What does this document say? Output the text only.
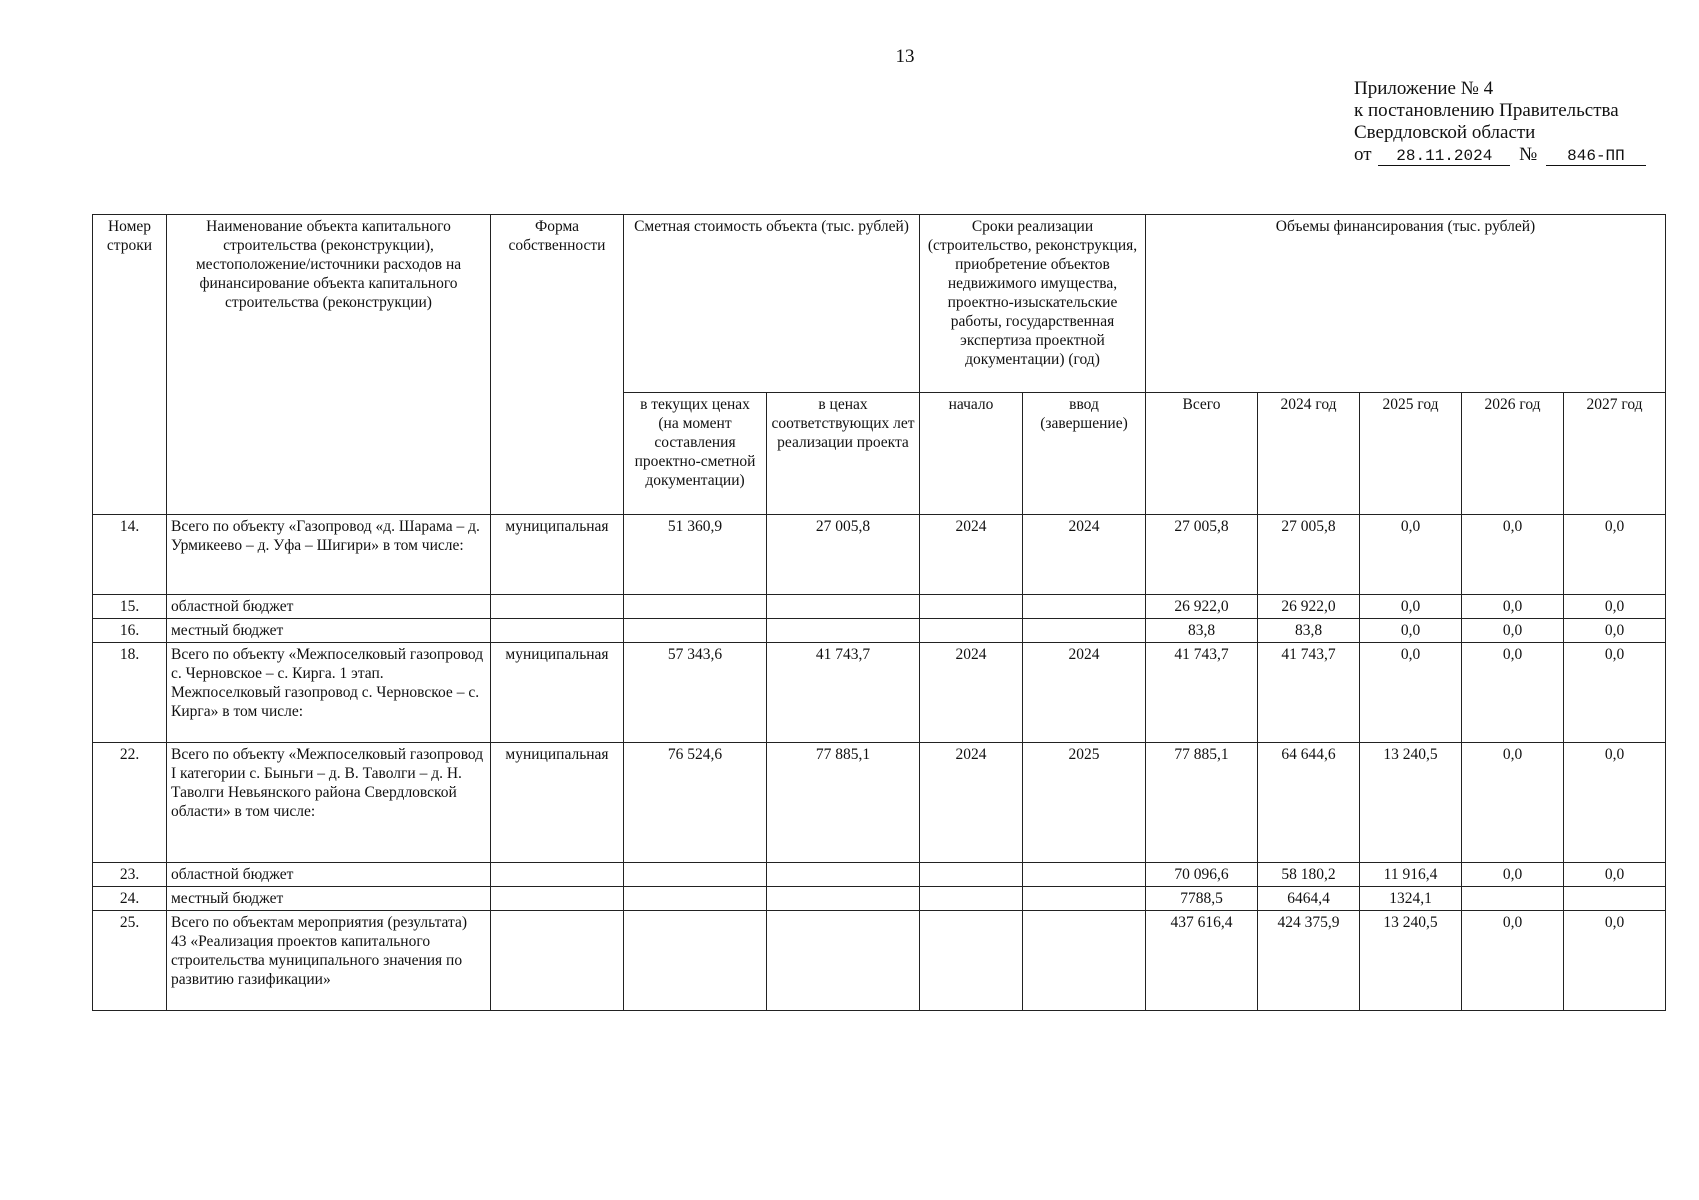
13
Приложение № 4
к постановлению Правительства
Свердловской области
от 28.11.2024 № 846-ПП
Номер строки	Наименование объекта капитального строительства (реконструкции), местоположение/источники расходов на финансирование объекта капитального строительства (реконструкции)	Форма собственности	Сметная стоимость объекта (тыс. рублей)		Сроки реализации (строительство, реконструкция, приобретение объектов недвижимого имущества, проектно-изыскательские работы, государственная экспертиза проектной документации) (год)		Объемы финансирования (тыс. рублей)				
			в текущих ценах (на момент составления проектно-сметной документации)	в ценах соответствующих лет реализации проекта	начало	ввод (завершение)	Всего	2024 год	2025 год	2026 год	2027 год
14.	Всего по объекту «Газопровод «д. Шарама – д. Урмикеево – д. Уфа – Шигири» в том числе:	муниципальная	51 360,9	27 005,8	2024	2024	27 005,8	27 005,8	0,0	0,0	0,0
15.	областной бюджет						26 922,0	26 922,0	0,0	0,0	0,0
16.	местный бюджет						83,8	83,8	0,0	0,0	0,0
18.	Всего по объекту «Межпоселковый газопровод с. Черновское – с. Кирга. 1 этап. Межпоселковый газопровод с. Черновское – с. Кирга» в том числе:	муниципальная	57 343,6	41 743,7	2024	2024	41 743,7	41 743,7	0,0	0,0	0,0
22.	Всего по объекту «Межпоселковый газопровод I категории с. Быньги – д. В. Таволги – д. Н. Таволги Невьянского района Свердловской области» в том числе:	муниципальная	76 524,6	77 885,1	2024	2025	77 885,1	64 644,6	13 240,5	0,0	0,0
23.	областной бюджет						70 096,6	58 180,2	11 916,4	0,0	0,0
24.	местный бюджет						7788,5	6464,4	1324,1		
25.	Всего по объектам мероприятия (результата) 43 «Реализация проектов капитального строительства муниципального значения по развитию газификации»						437 616,4	424 375,9	13 240,5	0,0	0,0
